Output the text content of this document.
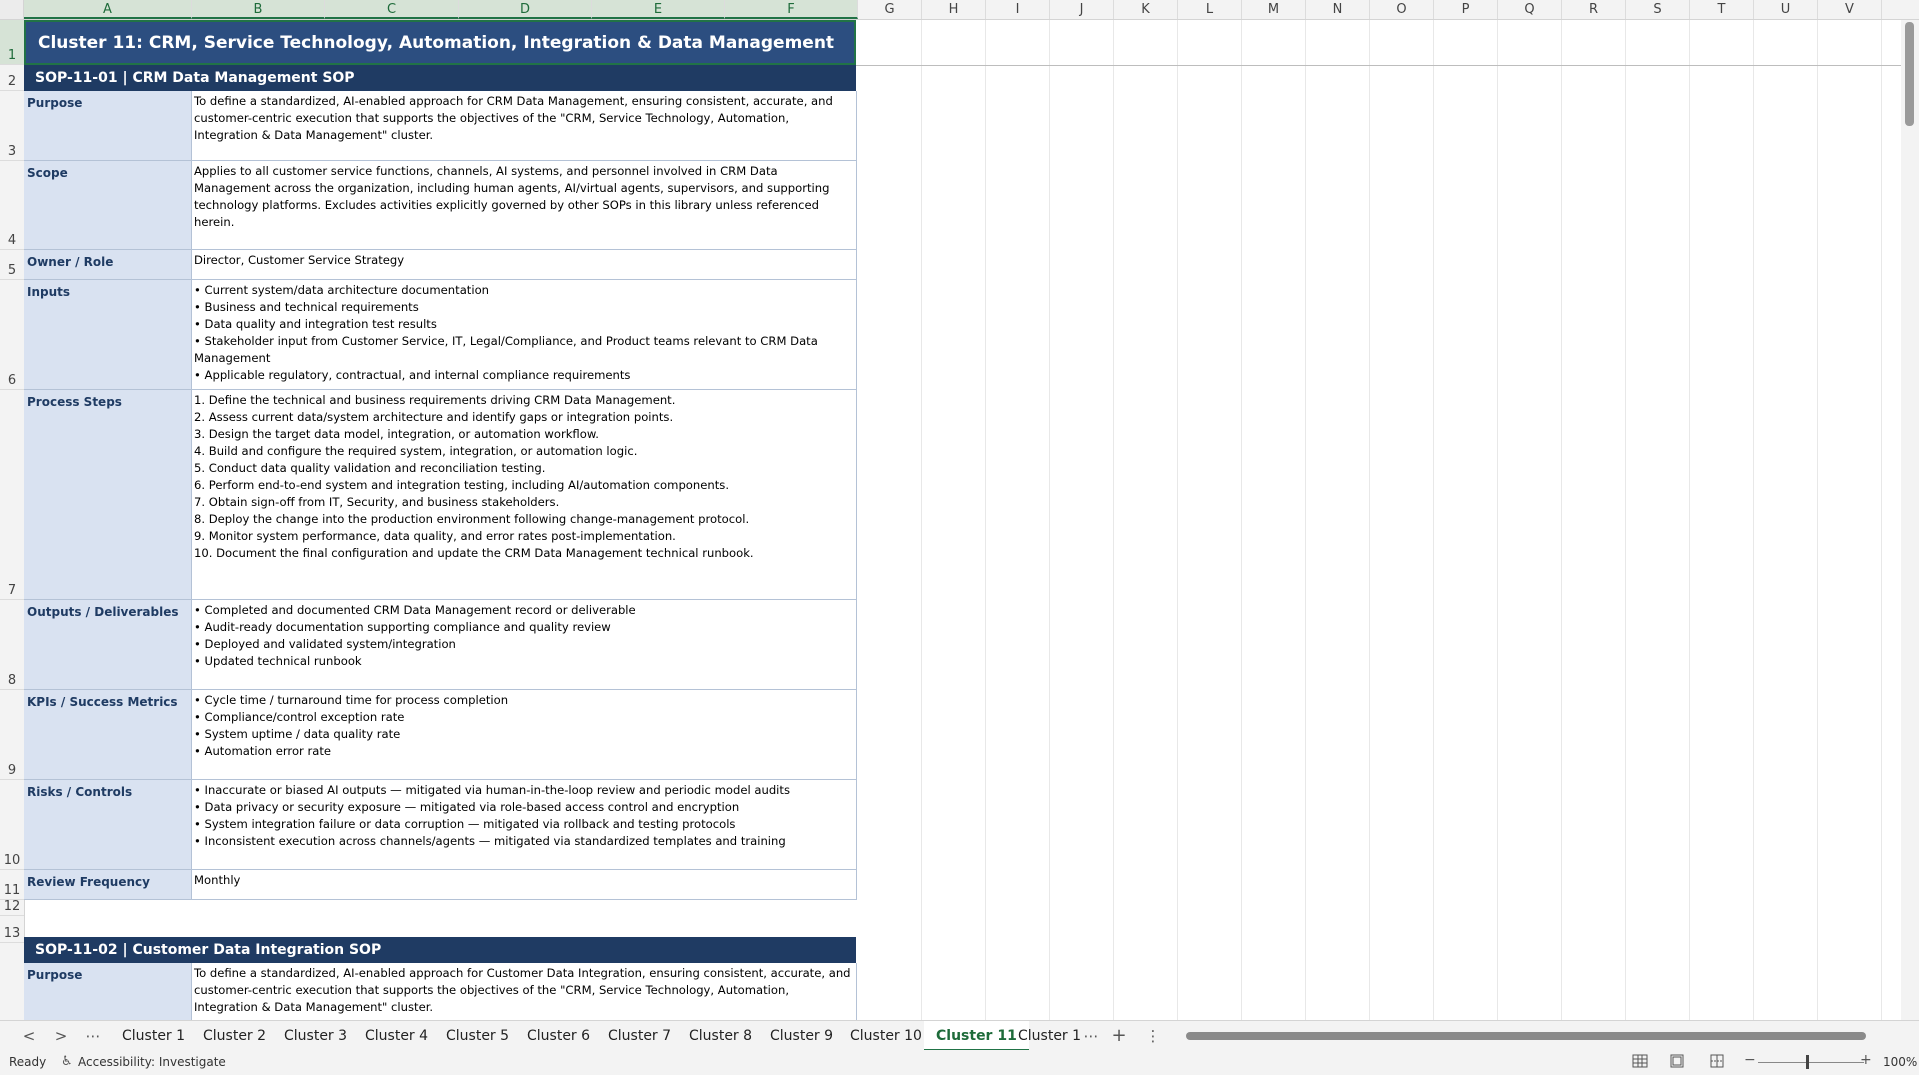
A	B	C	D	E	F	G	H	I	J	K	L	M	N	O	P	Q	R	S	T	U	V
1
2
3
4
5
6
7
8
9
10
11
12
13
Cluster 11: CRM, Service Technology, Automation, Integration & Data Management
SOP-11-01 | CRM Data Management SOP
Purpose	To define a standardized, AI-enabled approach for CRM Data Management, ensuring consistent, accurate, and customer-centric execution that supports the objectives of the "CRM, Service Technology, Automation, Integration & Data Management" cluster.
Scope	Applies to all customer service functions, channels, AI systems, and personnel involved in CRM Data Management across the organization, including human agents, AI/virtual agents, supervisors, and supporting technology platforms. Excludes activities explicitly governed by other SOPs in this library unless referenced herein.
Owner / Role	Director, Customer Service Strategy
Inputs	• Current system/data architecture documentation
• Business and technical requirements
• Data quality and integration test results
• Stakeholder input from Customer Service, IT, Legal/Compliance, and Product teams relevant to CRM Data Management
• Applicable regulatory, contractual, and internal compliance requirements
Process Steps	1. Define the technical and business requirements driving CRM Data Management.
2. Assess current data/system architecture and identify gaps or integration points.
3. Design the target data model, integration, or automation workflow.
4. Build and configure the required system, integration, or automation logic.
5. Conduct data quality validation and reconciliation testing.
6. Perform end-to-end system and integration testing, including AI/automation components.
7. Obtain sign-off from IT, Security, and business stakeholders.
8. Deploy the change into the production environment following change-management protocol.
9. Monitor system performance, data quality, and error rates post-implementation.
10. Document the final configuration and update the CRM Data Management technical runbook.
Outputs / Deliverables	• Completed and documented CRM Data Management record or deliverable
• Audit-ready documentation supporting compliance and quality review
• Deployed and validated system/integration
• Updated technical runbook
KPIs / Success Metrics	• Cycle time / turnaround time for process completion
• Compliance/control exception rate
• System uptime / data quality rate
• Automation error rate
Risks / Controls	• Inaccurate or biased AI outputs — mitigated via human-in-the-loop review and periodic model audits
• Data privacy or security exposure — mitigated via role-based access control and encryption
• System integration failure or data corruption — mitigated via rollback and testing protocols
• Inconsistent execution across channels/agents — mitigated via standardized templates and training
Review Frequency	Monthly
SOP-11-02 | Customer Data Integration SOP
Purpose	To define a standardized, AI-enabled approach for Customer Data Integration, ensuring consistent, accurate, and customer-centric execution that supports the objectives of the "CRM, Service Technology, Automation, Integration & Data Management" cluster.
<	>	⋯	Cluster 1	Cluster 2	Cluster 3	Cluster 4	Cluster 5	Cluster 6	Cluster 7	Cluster 8	Cluster 9	Cluster 10	Cluster 11 Cluster 1 ⋯ +	⋮
Ready ♿ Accessibility: Investigate	−	+ 100%
